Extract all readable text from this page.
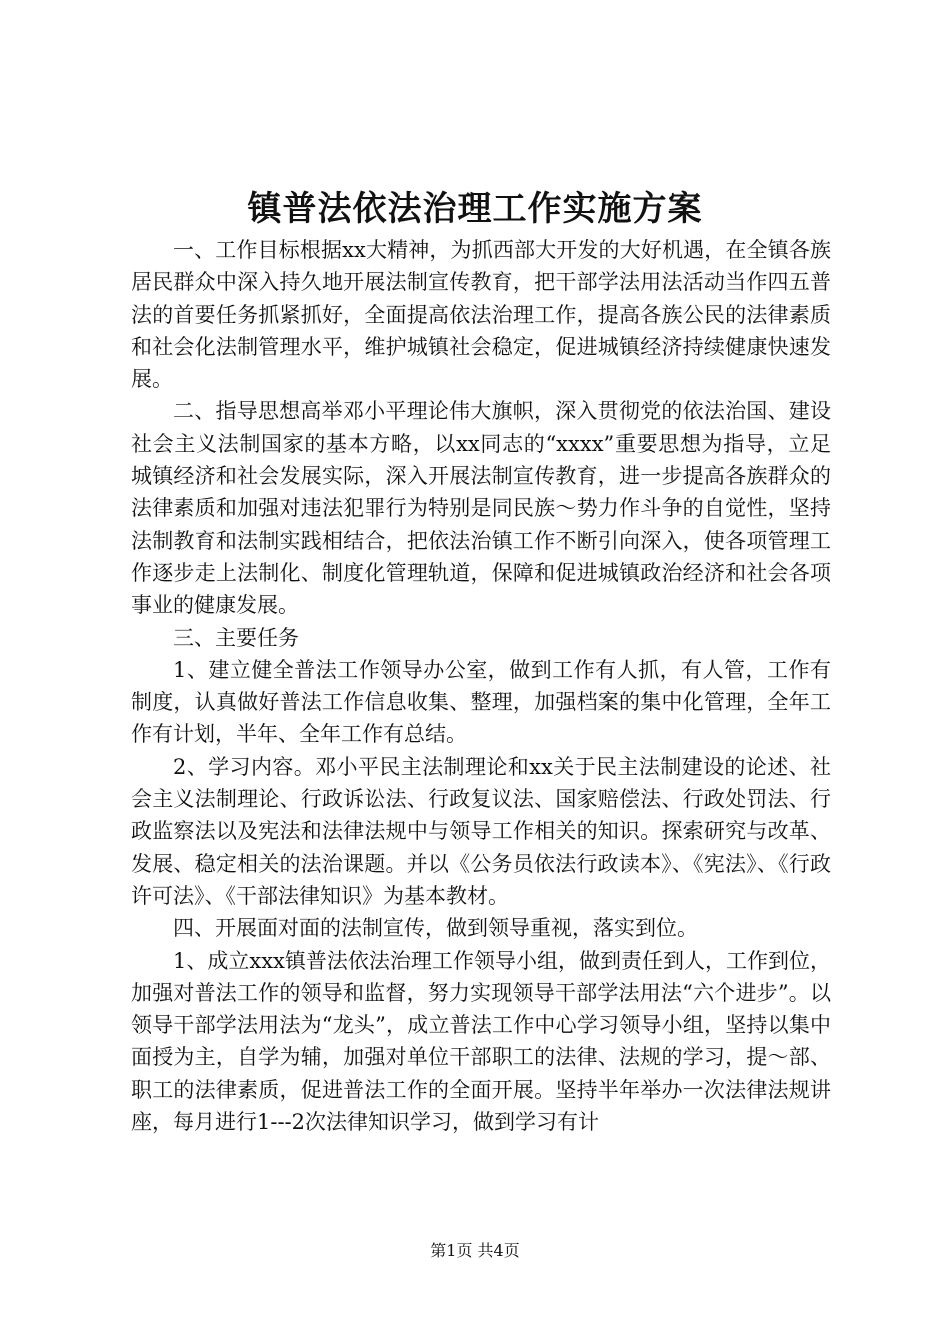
镇普法依法治理工作实施方案

一、工作目标根据xx大精神，为抓西部大开发的大好机遇，在全镇各族居民群众中深入持久地开展法制宣传教育，把干部学法用法活动当作四五普法的首要任务抓紧抓好，全面提高依法治理工作，提高各族公民的法律素质和社会化法制管理水平，维护城镇社会稳定，促进城镇经济持续健康快速发展。

二、指导思想高举邓小平理论伟大旗帜，深入贯彻党的依法治国、建设社会主义法制国家的基本方略，以xx同志的“xxxx”重要思想为指导，立足城镇经济和社会发展实际，深入开展法制宣传教育，进一步提高各族群众的法律素质和加强对违法犯罪行为特别是同民族～势力作斗争的自觉性，坚持法制教育和法制实践相结合，把依法治镇工作不断引向深入，使各项管理工作逐步走上法制化、制度化管理轨道，保障和促进城镇政治经济和社会各项事业的健康发展。

三、主要任务

1、建立健全普法工作领导办公室，做到工作有人抓，有人管，工作有制度，认真做好普法工作信息收集、整理，加强档案的集中化管理，全年工作有计划，半年、全年工作有总结。

2、学习内容。邓小平民主法制理论和xx关于民主法制建设的论述、社会主义法制理论、行政诉讼法、行政复议法、国家赔偿法、行政处罚法、行政监察法以及宪法和法律法规中与领导工作相关的知识。探索研究与改革、发展、稳定相关的法治课题。并以《公务员依法行政读本》、《宪法》、《行政许可法》、《干部法律知识》为基本教材。

四、开展面对面的法制宣传，做到领导重视，落实到位。

1、成立xxx镇普法依法治理工作领导小组，做到责任到人，工作到位，加强对普法工作的领导和监督，努力实现领导干部学法用法“六个进步”。以领导干部学法用法为“龙头”，成立普法工作中心学习领导小组，坚持以集中面授为主，自学为辅，加强对单位干部职工的法律、法规的学习，提～部、职工的法律素质，促进普法工作的全面开展。坚持半年举办一次法律法规讲座，每月进行1---2次法律知识学习，做到学习有计

第1页 共4页
